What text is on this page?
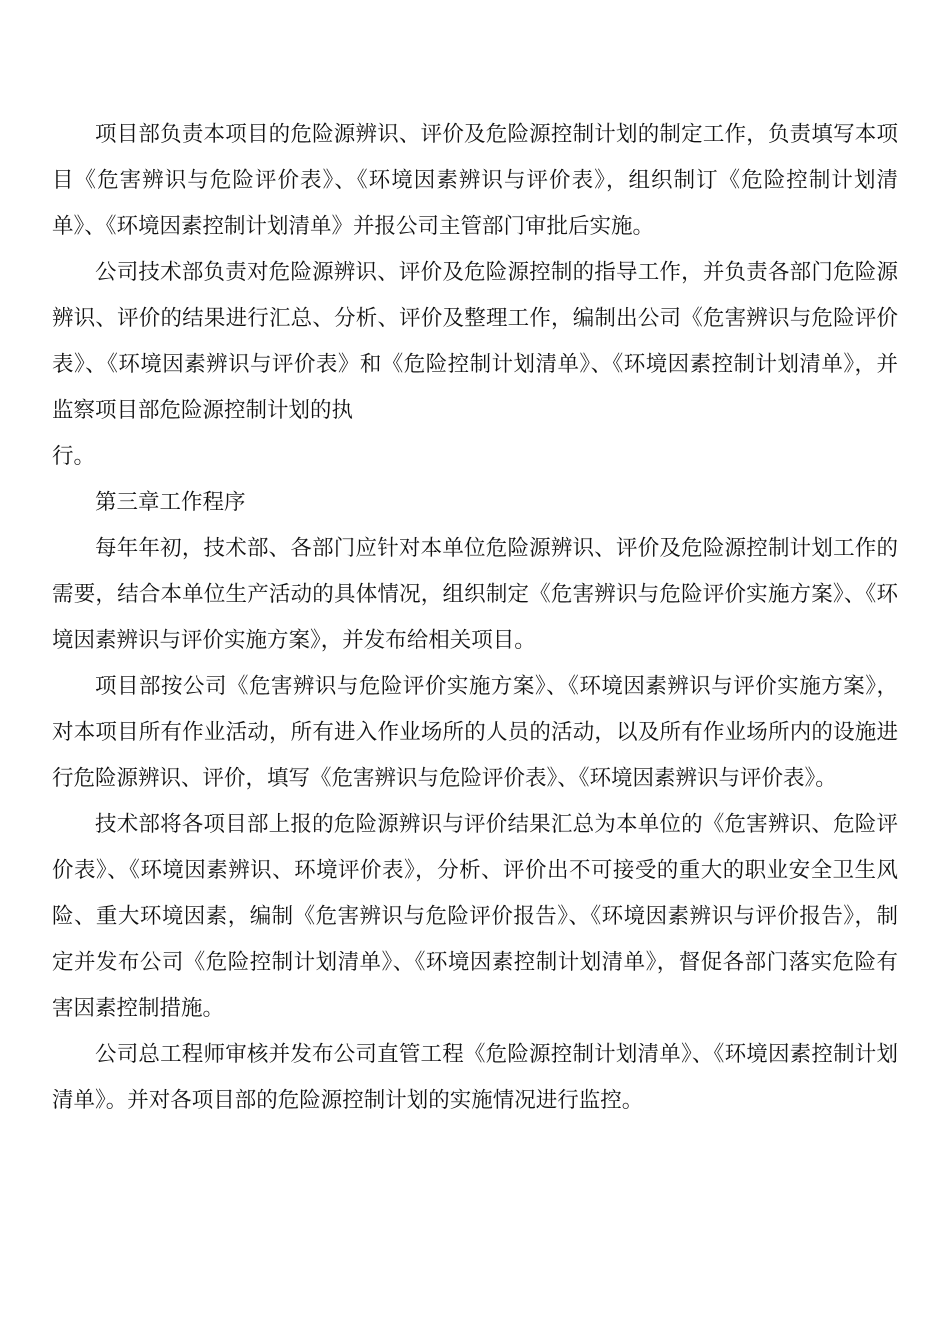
项目部负责本项目的危险源辨识、评价及危险源控制计划的制定工作，负责填写本项目《危害辨识与危险评价表》、《环境因素辨识与评价表》，组织制订《危险控制计划清单》、《环境因素控制计划清单》并报公司主管部门审批后实施。

公司技术部负责对危险源辨识、评价及危险源控制的指导工作，并负责各部门危险源辨识、评价的结果进行汇总、分析、评价及整理工作，编制出公司《危害辨识与危险评价表》、《环境因素辨识与评价表》和《危险控制计划清单》、《环境因素控制计划清单》，并监察项目部危险源控制计划的执

行。

第三章工作程序

每年年初，技术部、各部门应针对本单位危险源辨识、评价及危险源控制计划工作的需要，结合本单位生产活动的具体情况，组织制定《危害辨识与危险评价实施方案》、《环境因素辨识与评价实施方案》，并发布给相关项目。

项目部按公司《危害辨识与危险评价实施方案》、《环境因素辨识与评价实施方案》，对本项目所有作业活动，所有进入作业场所的人员的活动，以及所有作业场所内的设施进行危险源辨识、评价，填写《危害辨识与危险评价表》、《环境因素辨识与评价表》。

技术部将各项目部上报的危险源辨识与评价结果汇总为本单位的《危害辨识、危险评价表》、《环境因素辨识、环境评价表》，分析、评价出不可接受的重大的职业安全卫生风险、重大环境因素，编制《危害辨识与危险评价报告》、《环境因素辨识与评价报告》，制定并发布公司《危险控制计划清单》、《环境因素控制计划清单》，督促各部门落实危险有害因素控制措施。

公司总工程师审核并发布公司直管工程《危险源控制计划清单》、《环境因素控制计划清单》。并对各项目部的危险源控制计划的实施情况进行监控。
